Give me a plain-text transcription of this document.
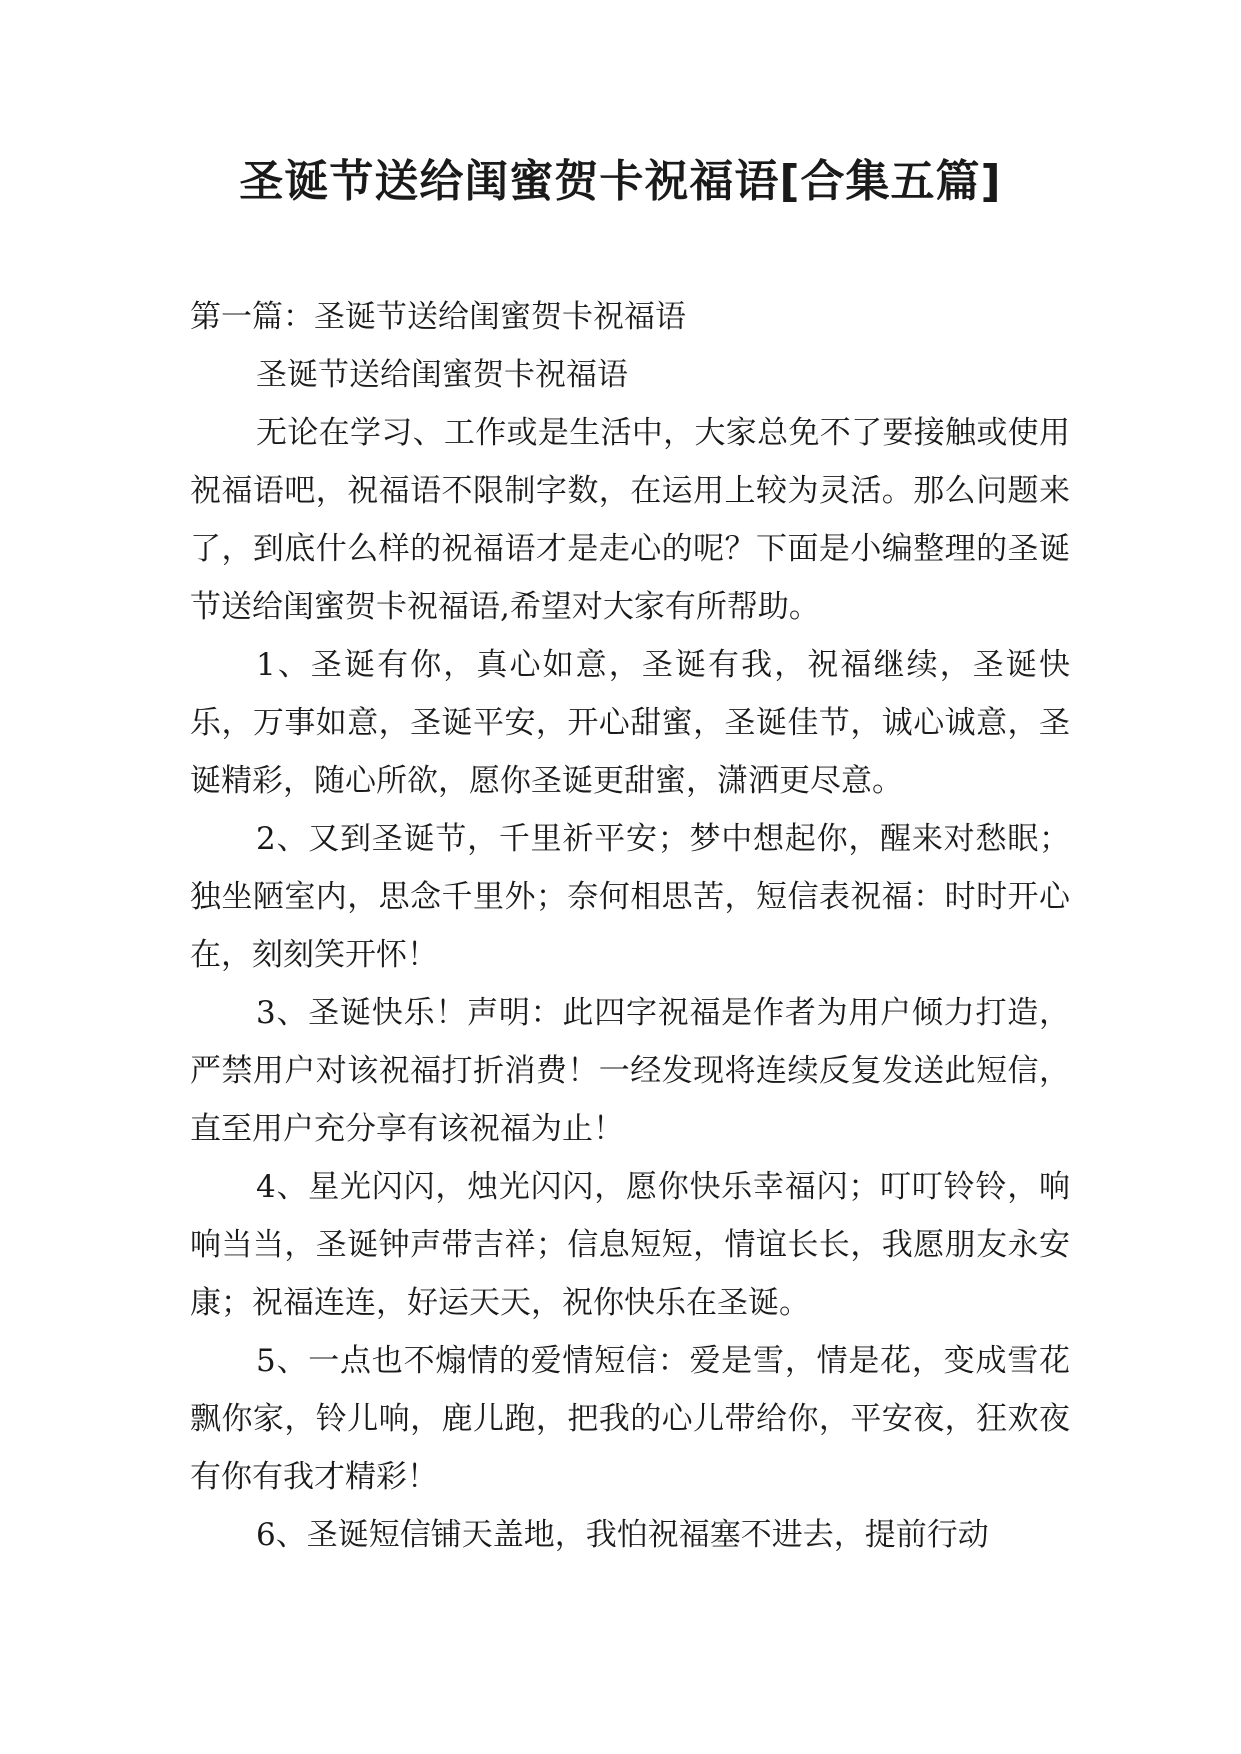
圣诞节送给闺蜜贺卡祝福语[合集五篇]

第一篇：圣诞节送给闺蜜贺卡祝福语

圣诞节送给闺蜜贺卡祝福语

无论在学习、工作或是生活中，大家总免不了要接触或使用祝福语吧，祝福语不限制字数，在运用上较为灵活。那么问题来了，到底什么样的祝福语才是走心的呢？下面是小编整理的圣诞节送给闺蜜贺卡祝福语,希望对大家有所帮助。

1、圣诞有你，真心如意，圣诞有我，祝福继续，圣诞快乐，万事如意，圣诞平安，开心甜蜜，圣诞佳节，诚心诚意，圣诞精彩，随心所欲，愿你圣诞更甜蜜，潇洒更尽意。

2、又到圣诞节，千里祈平安；梦中想起你，醒来对愁眠；独坐陋室内，思念千里外；奈何相思苦，短信表祝福：时时开心在，刻刻笑开怀！

3、圣诞快乐！声明：此四字祝福是作者为用户倾力打造，严禁用户对该祝福打折消费！一经发现将连续反复发送此短信，直至用户充分享有该祝福为止！

4、星光闪闪，烛光闪闪，愿你快乐幸福闪；叮叮铃铃，响响当当，圣诞钟声带吉祥；信息短短，情谊长长，我愿朋友永安康；祝福连连，好运天天，祝你快乐在圣诞。

5、一点也不煽情的爱情短信：爱是雪，情是花，变成雪花飘你家，铃儿响，鹿儿跑，把我的心儿带给你，平安夜，狂欢夜有你有我才精彩！

6、圣诞短信铺天盖地，我怕祝福塞不进去，提前行动
